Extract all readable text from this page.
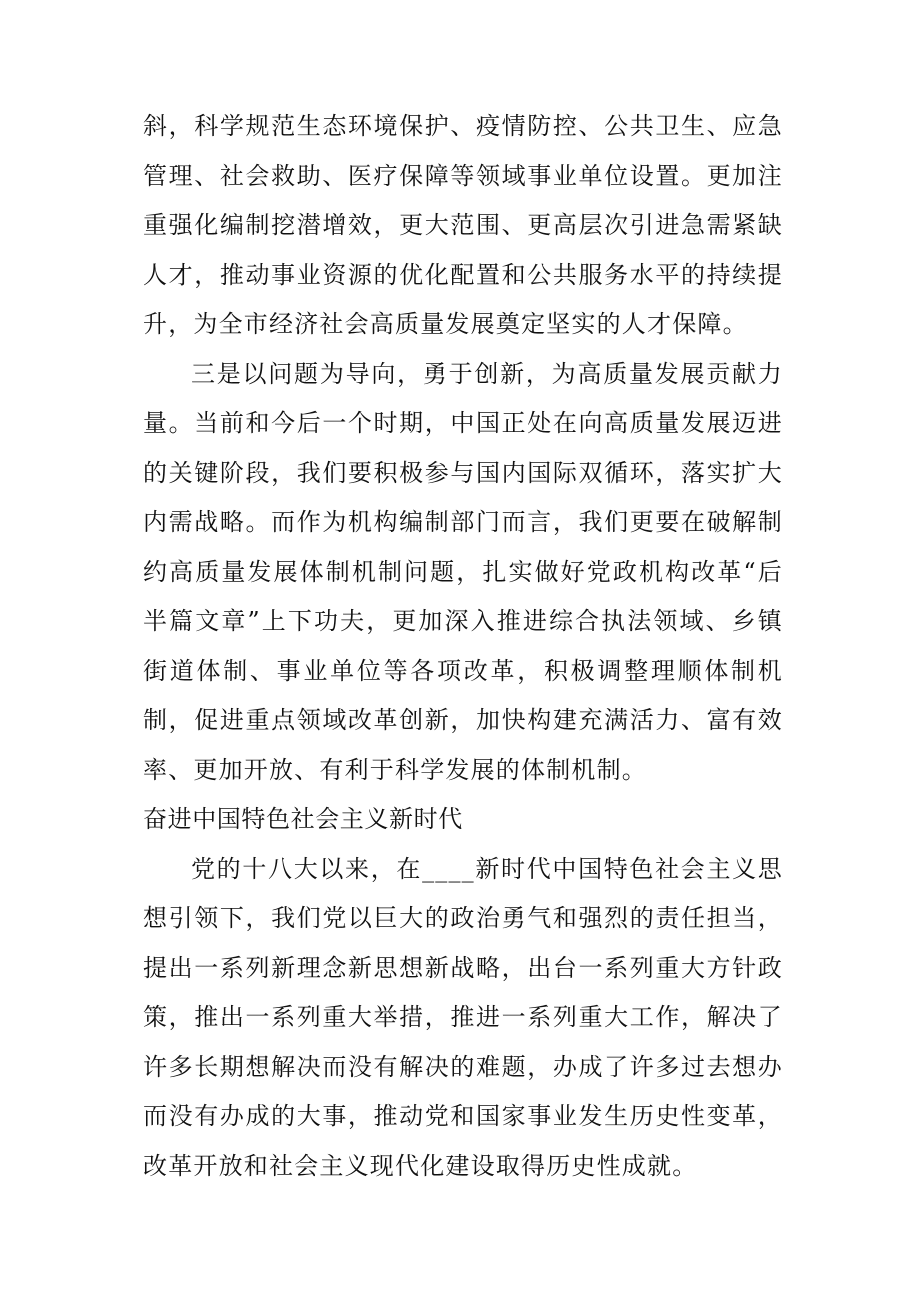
斜，科学规范生态环境保护、疫情防控、公共卫生、应急管理、社会救助、医疗保障等领域事业单位设置。更加注重强化编制挖潜增效，更大范围、更高层次引进急需紧缺人才，推动事业资源的优化配置和公共服务水平的持续提升，为全市经济社会高质量发展奠定坚实的人才保障。

三是以问题为导向，勇于创新，为高质量发展贡献力量。当前和今后一个时期，中国正处在向高质量发展迈进的关键阶段，我们要积极参与国内国际双循环，落实扩大内需战略。而作为机构编制部门而言，我们更要在破解制约高质量发展体制机制问题，扎实做好党政机构改革“后半篇文章”上下功夫，更加深入推进综合执法领域、乡镇街道体制、事业单位等各项改革，积极调整理顺体制机制，促进重点领域改革创新，加快构建充满活力、富有效率、更加开放、有利于科学发展的体制机制。

奋进中国特色社会主义新时代

党的十八大以来，在____新时代中国特色社会主义思想引领下，我们党以巨大的政治勇气和强烈的责任担当，提出一系列新理念新思想新战略，出台一系列重大方针政策，推出一系列重大举措，推进一系列重大工作，解决了许多长期想解决而没有解决的难题，办成了许多过去想办而没有办成的大事，推动党和国家事业发生历史性变革，改革开放和社会主义现代化建设取得历史性成就。
